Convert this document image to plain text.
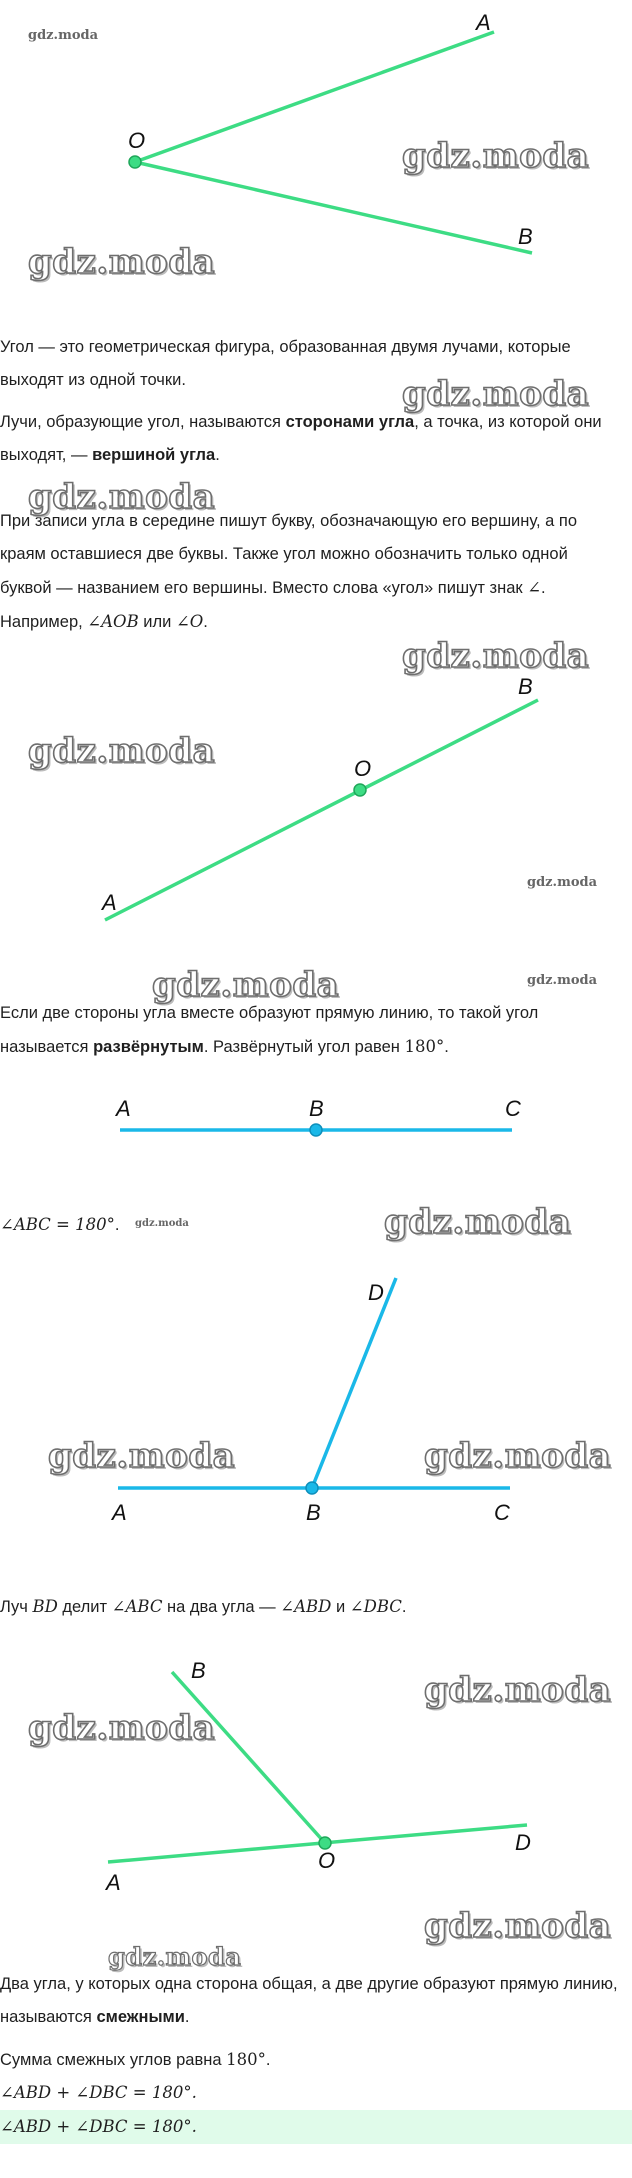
A
O
B
Угол — это геометрическая фигура, образованная двумя лучами, которые выходят из одной точки.
Лучи, образующие угол, называются сторонами угла, а точка, из которой они выходят, — вершиной угла.
При записи угла в середине пишут букву, обозначающую его вершину, а по краям оставшиеся две буквы. Также угол можно обозначить только одной буквой — названием его вершины. Вместо слова «угол» пишут знак ∠.
Например, ∠AOB или ∠O.
B
O
A
Если две стороны угла вместе образуют прямую линию, то такой угол называется развёрнутым. Развёрнутый угол равен 180°.
A	B	C
∠ABC = 180°.
D
A	B	C
Луч BD делит ∠ABC на два угла — ∠ABD и ∠DBC.
B
O
D
A
Два угла, у которых одна сторона общая, а две другие образуют прямую линию, называются смежными.
Сумма смежных углов равна 180°.
∠ABD + ∠DBC = 180°.
∠ABD + ∠DBC = 180°.
gdz.moda
gdz.moda
gdz.moda
gdz.moda
gdz.moda
gdz.moda
gdz.moda
gdz.moda
gdz.moda	gdz.moda
gdz.moda	gdz.moda
gdz.moda	gdz.moda
gdz.moda
gdz.moda
gdz.moda
gdz.moda
